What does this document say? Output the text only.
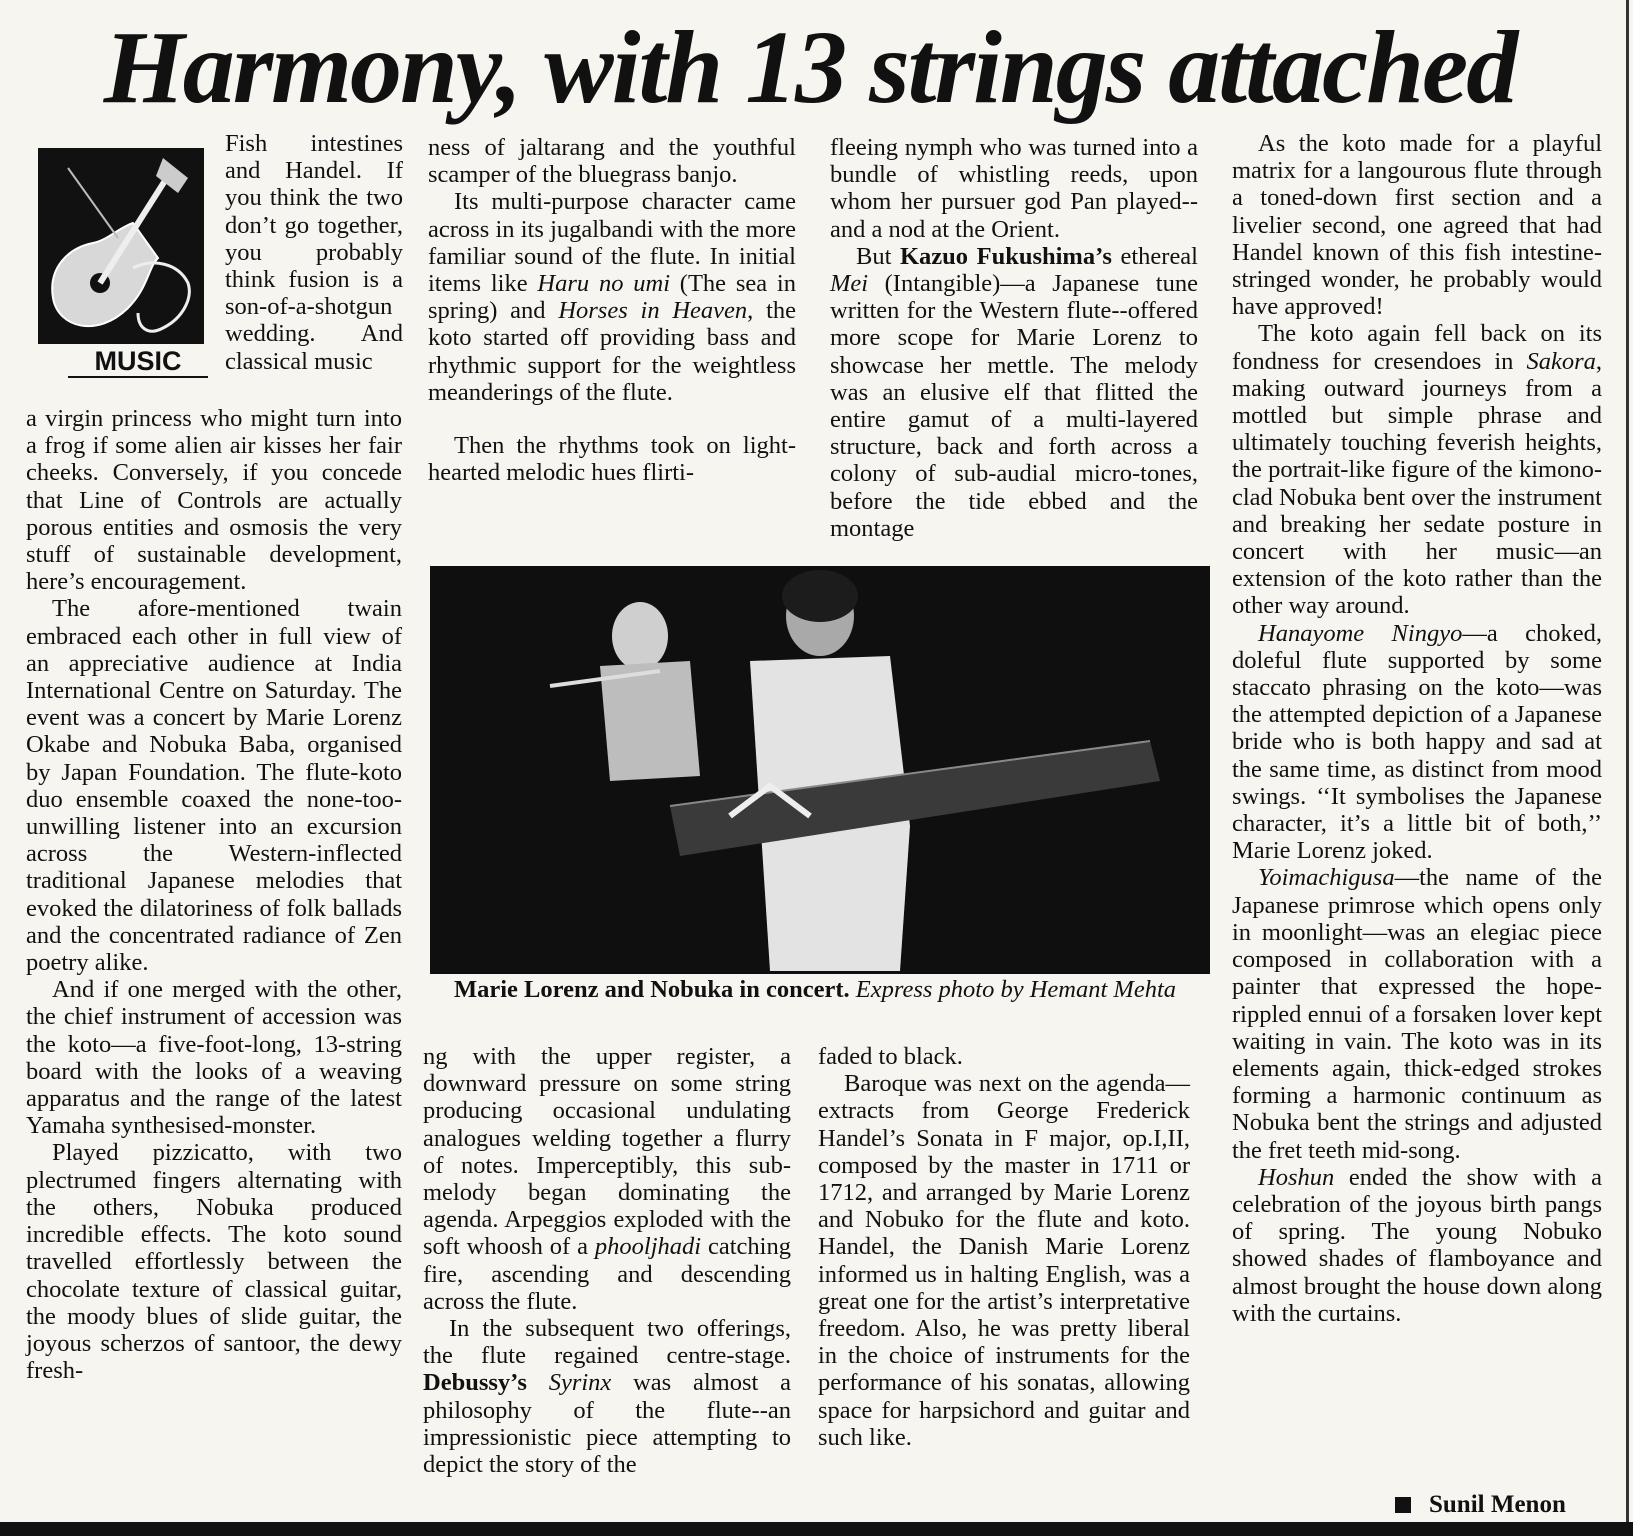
Harmony, with 13 strings attached
MUSIC

Fish intestines and Handel. If you think the two don’t go together, you probably think fusion is a son-of-a-shotgun wedding. And classical music

a virgin princess who might turn into a frog if some alien air kisses her fair cheeks. Conversely, if you concede that Line of Controls are actually porous entities and osmosis the very stuff of sustainable development, here’s encouragement.

The afore-mentioned twain embraced each other in full view of an appreciative audience at India International Centre on Saturday. The event was a concert by Marie Lorenz Okabe and Nobuka Baba, organised by Japan Foundation. The flute-koto duo ensemble coaxed the none-too-unwilling listener into an excursion across the Western-inflected traditional Japanese melodies that evoked the dilatoriness of folk ballads and the concentrated radiance of Zen poetry alike.

And if one merged with the other, the chief instrument of accession was the koto—a five-foot-long, 13-string board with the looks of a weaving apparatus and the range of the latest Yamaha synthesised-monster.

Played pizzicatto, with two plectrumed fingers alternating with the others, Nobuka produced incredible effects. The koto sound travelled effortlessly between the chocolate texture of classical guitar, the moody blues of slide guitar, the joyous scherzos of santoor, the dewy fresh-

ness of jaltarang and the youthful scamper of the bluegrass banjo.

Its multi-purpose character came across in its jugalbandi with the more familiar sound of the flute. In initial items like Haru no umi (The sea in spring) and Horses in Heaven, the koto started off providing bass and rhythmic support for the weightless meanderings of the flute.

Then the rhythms took on light-hearted melodic hues flirti-

fleeing nymph who was turned into a bundle of whistling reeds, upon whom her pursuer god Pan played--and a nod at the Orient.

But Kazuo Fukushima’s ethereal Mei (Intangible)—a Japanese tune written for the Western flute--offered more scope for Marie Lorenz to showcase her mettle. The melody was an elusive elf that flitted the entire gamut of a multi-layered structure, back and forth across a colony of sub-audial micro-tones, before the tide ebbed and the montage

Marie Lorenz and Nobuka in concert. Express photo by Hemant Mehta

ng with the upper register, a downward pressure on some string producing occasional undulating analogues welding together a flurry of notes. Imperceptibly, this sub-melody began dominating the agenda. Arpeggios exploded with the soft whoosh of a phooljhadi catching fire, ascending and descending across the flute.

In the subsequent two offerings, the flute regained centre-stage. Debussy’s Syrinx was almost a philosophy of the flute--an impressionistic piece attempting to depict the story of the

faded to black.

Baroque was next on the agenda—extracts from George Frederick Handel’s Sonata in F major, op.I,II, composed by the master in 1711 or 1712, and arranged by Marie Lorenz and Nobuko for the flute and koto. Handel, the Danish Marie Lorenz informed us in halting English, was a great one for the artist’s interpretative freedom. Also, he was pretty liberal in the choice of instruments for the performance of his sonatas, allowing space for harpsichord and guitar and such like.

As the koto made for a playful matrix for a langourous flute through a toned-down first section and a livelier second, one agreed that had Handel known of this fish intestine-stringed wonder, he probably would have approved!

The koto again fell back on its fondness for cresendoes in Sakora, making outward journeys from a mottled but simple phrase and ultimately touching feverish heights, the portrait-like figure of the kimono-clad Nobuka bent over the instrument and breaking her sedate posture in concert with her music—an extension of the koto rather than the other way around.

Hanayome Ningyo—a choked, doleful flute supported by some staccato phrasing on the koto—was the attempted depiction of a Japanese bride who is both happy and sad at the same time, as distinct from mood swings. ‘‘It symbolises the Japanese character, it’s a little bit of both,’’ Marie Lorenz joked.

Yoimachigusa—the name of the Japanese primrose which opens only in moonlight—was an elegiac piece composed in collaboration with a painter that expressed the hope-rippled ennui of a forsaken lover kept waiting in vain. The koto was in its elements again, thick-edged strokes forming a harmonic continuum as Nobuka bent the strings and adjusted the fret teeth mid-song.

Hoshun ended the show with a celebration of the joyous birth pangs of spring. The young Nobuko showed shades of flamboyance and almost brought the house down along with the curtains.

Sunil Menon
